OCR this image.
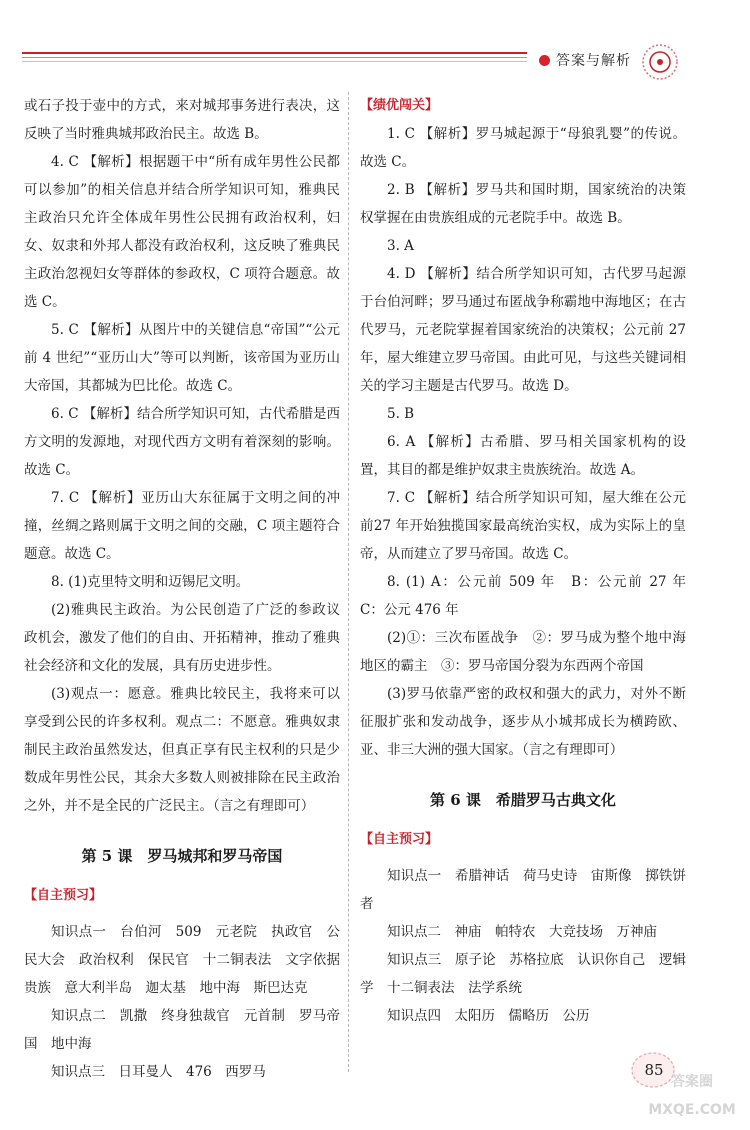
答案与解析

或石子投于壶中的方式，来对城邦事务进行表决，这反映了当时雅典城邦政治民主。故选 B。

4. C 【解析】根据题干中“所有成年男性公民都可以参加”的相关信息并结合所学知识可知，雅典民主政治只允许全体成年男性公民拥有政治权利，妇女、奴隶和外邦人都没有政治权利，这反映了雅典民主政治忽视妇女等群体的参政权，C 项符合题意。故选 C。

5. C 【解析】从图片中的关键信息“帝国”“公元前 4 世纪”“亚历山大”等可以判断，该帝国为亚历山大帝国，其都城为巴比伦。故选 C。

6. C 【解析】结合所学知识可知，古代希腊是西方文明的发源地，对现代西方文明有着深刻的影响。故选 C。

7. C 【解析】亚历山大东征属于文明之间的冲撞，丝绸之路则属于文明之间的交融，C 项主题符合题意。故选 C。

8. (1)克里特文明和迈锡尼文明。

(2)雅典民主政治。为公民创造了广泛的参政议政机会，激发了他们的自由、开拓精神，推动了雅典社会经济和文化的发展，具有历史进步性。

(3)观点一：愿意。雅典比较民主，我将来可以享受到公民的许多权利。观点二：不愿意。雅典奴隶制民主政治虽然发达，但真正享有民主权利的只是少数成年男性公民，其余大多数人则被排除在民主政治之外，并不是全民的广泛民主。（言之有理即可）

第 5 课　罗马城邦和罗马帝国
【自主预习】

知识点一　台伯河　509　元老院　执政官　公民大会　政治权利　保民官　十二铜表法　文字依据　贵族　意大利半岛　迦太基　地中海　斯巴达克

知识点二　凯撒　终身独裁官　元首制　罗马帝国　地中海

知识点三　日耳曼人　476　西罗马

【绩优闯关】

1. C 【解析】罗马城起源于“母狼乳婴”的传说。故选 C。

2. B 【解析】罗马共和国时期，国家统治的决策权掌握在由贵族组成的元老院手中。故选 B。

3. A

4. D 【解析】结合所学知识可知，古代罗马起源于台伯河畔；罗马通过布匿战争称霸地中海地区；在古代罗马，元老院掌握着国家统治的决策权；公元前 27 年，屋大维建立罗马帝国。由此可见，与这些关键词相关的学习主题是古代罗马。故选 D。

5. B

6. A 【解析】古希腊、罗马相关国家机构的设置，其目的都是维护奴隶主贵族统治。故选 A。

7. C 【解析】结合所学知识可知，屋大维在公元前27 年开始独揽国家最高统治实权，成为实际上的皇帝，从而建立了罗马帝国。故选 C。

8. (1) A：公元前 509 年　B：公元前 27 年　C：公元 476 年

(2)①：三次布匿战争　②：罗马成为整个地中海地区的霸主　③：罗马帝国分裂为东西两个帝国

(3)罗马依靠严密的政权和强大的武力，对外不断征服扩张和发动战争，逐步从小城邦成长为横跨欧、亚、非三大洲的强大国家。（言之有理即可）

第 6 课　希腊罗马古典文化
【自主预习】

知识点一　希腊神话　荷马史诗　宙斯像　掷铁饼者

知识点二　神庙　帕特农　大竞技场　万神庙

知识点三　原子论　苏格拉底　认识你自己　逻辑学　十二铜表法　法学系统

知识点四　太阳历　儒略历　公历

85
答案圈
MXQE.COM
